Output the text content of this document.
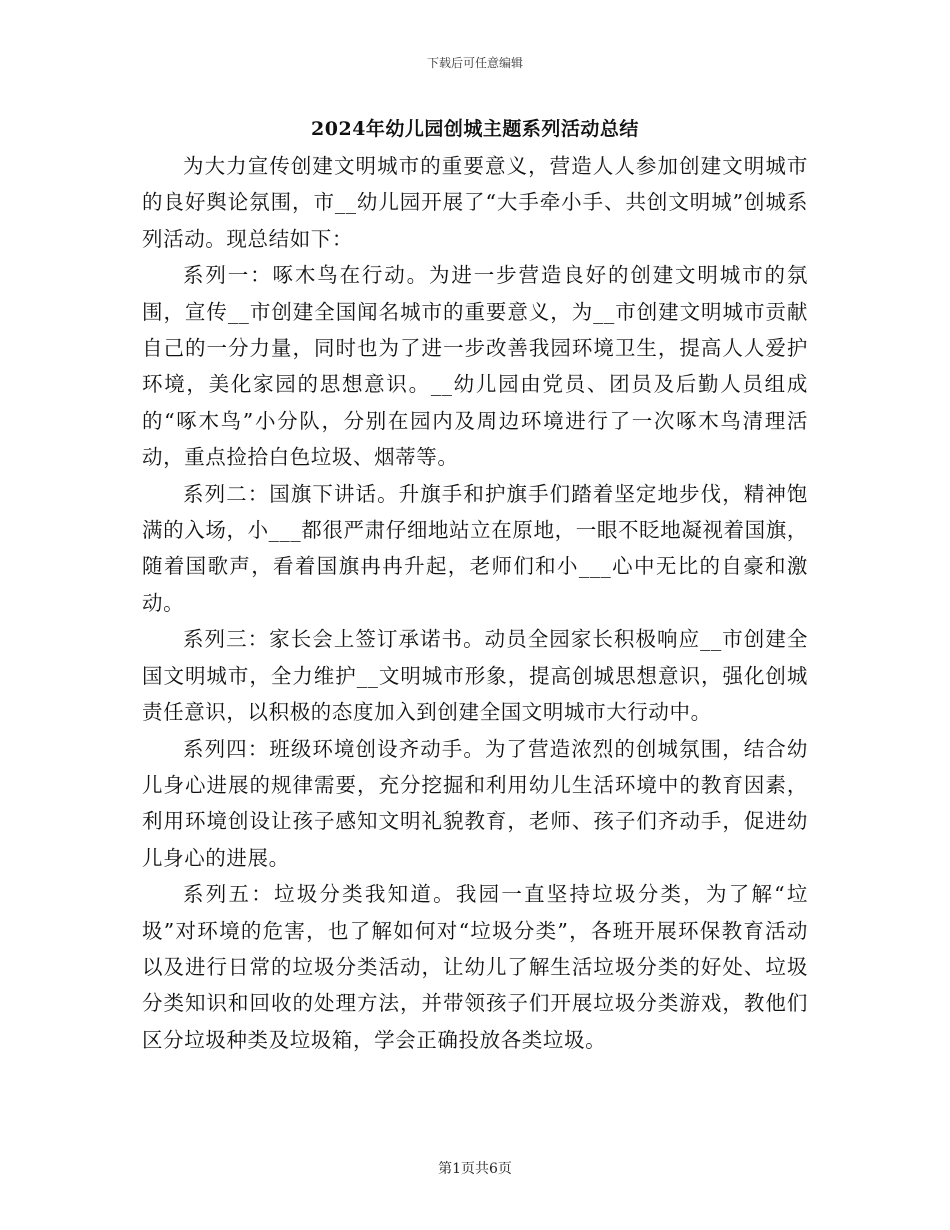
下载后可任意编辑
2024年幼儿园创城主题系列活动总结

为大力宣传创建文明城市的重要意义，营造人人参加创建文明城市的良好舆论氛围，市__幼儿园开展了“大手牵小手、共创文明城”创城系列活动。现总结如下：

系列一：啄木鸟在行动。为进一步营造良好的创建文明城市的氛围，宣传__市创建全国闻名城市的重要意义，为__市创建文明城市贡献自己的一分力量，同时也为了进一步改善我园环境卫生，提高人人爱护环境，美化家园的思想意识。__幼儿园由党员、团员及后勤人员组成的“啄木鸟”小分队，分别在园内及周边环境进行了一次啄木鸟清理活动，重点捡拾白色垃圾、烟蒂等。

系列二：国旗下讲话。升旗手和护旗手们踏着坚定地步伐，精神饱满的入场，小___都很严肃仔细地站立在原地，一眼不眨地凝视着国旗，随着国歌声，看着国旗冉冉升起，老师们和小___心中无比的自豪和激动。

系列三：家长会上签订承诺书。动员全园家长积极响应__市创建全国文明城市，全力维护__文明城市形象，提高创城思想意识，强化创城责任意识，以积极的态度加入到创建全国文明城市大行动中。

系列四：班级环境创设齐动手。为了营造浓烈的创城氛围，结合幼儿身心进展的规律需要，充分挖掘和利用幼儿生活环境中的教育因素，利用环境创设让孩子感知文明礼貌教育，老师、孩子们齐动手，促进幼儿身心的进展。

系列五：垃圾分类我知道。我园一直坚持垃圾分类，为了解“垃圾”对环境的危害，也了解如何对“垃圾分类”，各班开展环保教育活动以及进行日常的垃圾分类活动，让幼儿了解生活垃圾分类的好处、垃圾分类知识和回收的处理方法，并带领孩子们开展垃圾分类游戏，教他们区分垃圾种类及垃圾箱，学会正确投放各类垃圾。

第1页共6页
